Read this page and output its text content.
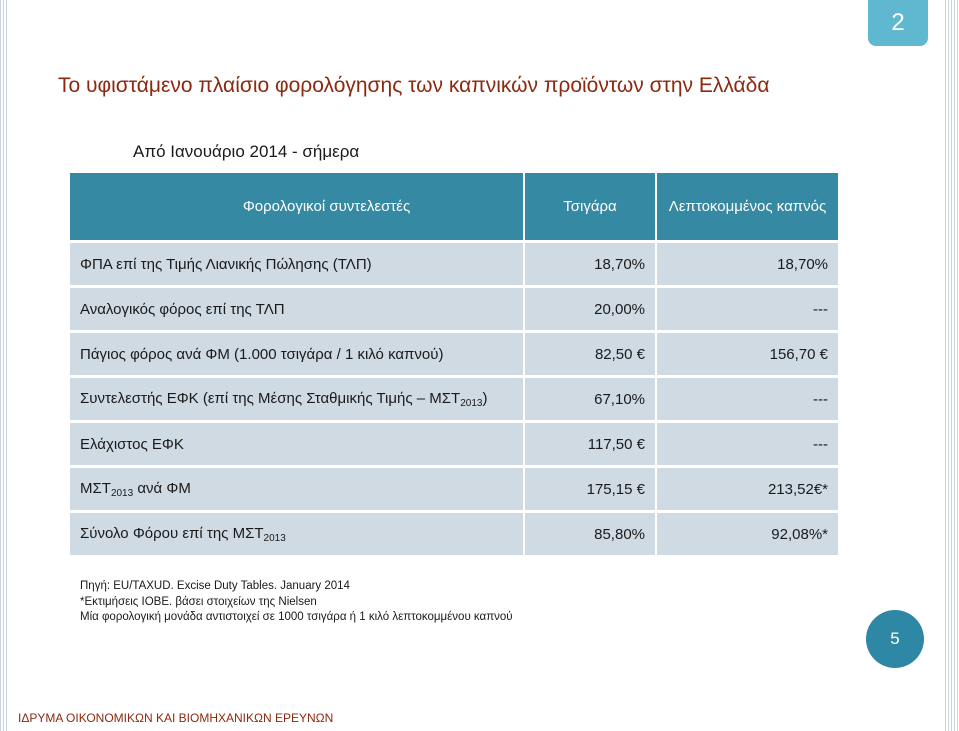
2
Το υφιστάμενο πλαίσιο φορολόγησης των καπνικών προϊόντων στην Ελλάδα
Από Ιανουάριο 2014 - σήμερα
Φορολογικοί συντελεστές	Τσιγάρα	Λεπτοκομμένος καπνός
ΦΠΑ επί της Τιμής Λιανικής Πώλησης (ΤΛΠ)	18,70%	18,70%
Αναλογικός φόρος επί της ΤΛΠ	20,00%	---
Πάγιος φόρος ανά ΦΜ (1.000 τσιγάρα / 1 κιλό καπνού)	82,50 €	156,70 €
Συντελεστής ΕΦΚ (επί της Μέσης Σταθμικής Τιμής – $M\Sigma T_{2013}$)	67,10%	---
Ελάχιστος ΕΦΚ	117,50 €	---
$M\Sigma T_{2013}$ ανά ΦΜ	175,15 €	213,52€*
Σύνολο Φόρου επί της $M\Sigma T_{2013}$	85,80%	92,08%*
Πηγή: EU/TAXUD. Excise Duty Tables. January 2014
*Εκτιμήσεις ΙΟΒΕ. βάσει στοιχείων της Nielsen
Μία φορολογική μονάδα αντιστοιχεί σε 1000 τσιγάρα ή 1 κιλό λεπτοκομμένου καπνού
5
ΙΔΡΥΜΑ ΟΙΚΟΝΟΜΙΚΩΝ ΚΑΙ ΒΙΟΜΗΧΑΝΙΚΩΝ ΕΡΕΥΝΩΝ
